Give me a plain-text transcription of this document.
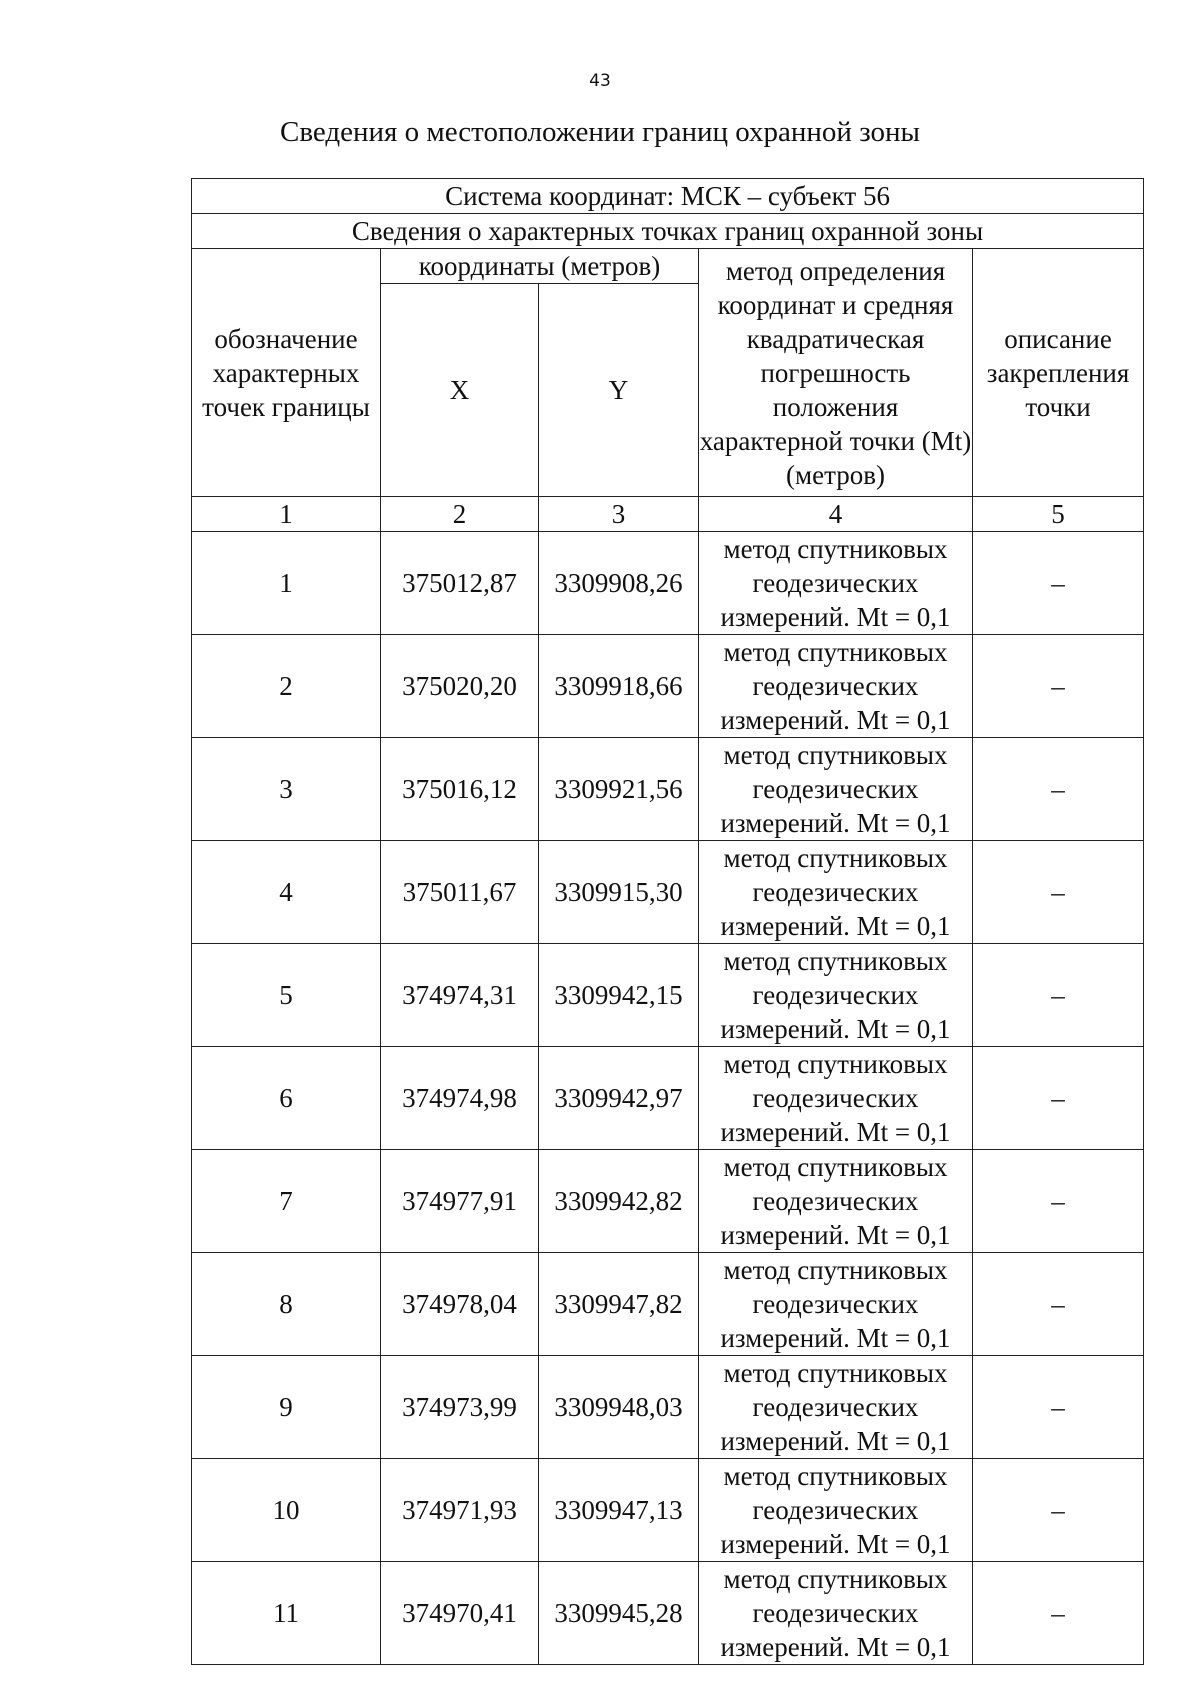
43
Сведения о местоположении границ охранной зоны
Система координат: МСК – субъект 56				
Сведения о характерных точках границ охранной зоны				
обозначение характерных точек границы	координаты (метров)		метод определения координат и средняя квадратическая погрешность положения характерной точки (Mt) (метров)	описание закрепления точки
	X	Y		
1	2	3	4	5
1	375012,87	3309908,26	метод спутниковых
геодезических
измерений. Mt = 0,1	–
2	375020,20	3309918,66	метод спутниковых
геодезических
измерений. Mt = 0,1	–
3	375016,12	3309921,56	метод спутниковых
геодезических
измерений. Mt = 0,1	–
4	375011,67	3309915,30	метод спутниковых
геодезических
измерений. Mt = 0,1	–
5	374974,31	3309942,15	метод спутниковых
геодезических
измерений. Mt = 0,1	–
6	374974,98	3309942,97	метод спутниковых
геодезических
измерений. Mt = 0,1	–
7	374977,91	3309942,82	метод спутниковых
геодезических
измерений. Mt = 0,1	–
8	374978,04	3309947,82	метод спутниковых
геодезических
измерений. Mt = 0,1	–
9	374973,99	3309948,03	метод спутниковых
геодезических
измерений. Mt = 0,1	–
10	374971,93	3309947,13	метод спутниковых
геодезических
измерений. Mt = 0,1	–
11	374970,41	3309945,28	метод спутниковых
геодезических
измерений. Mt = 0,1	–
